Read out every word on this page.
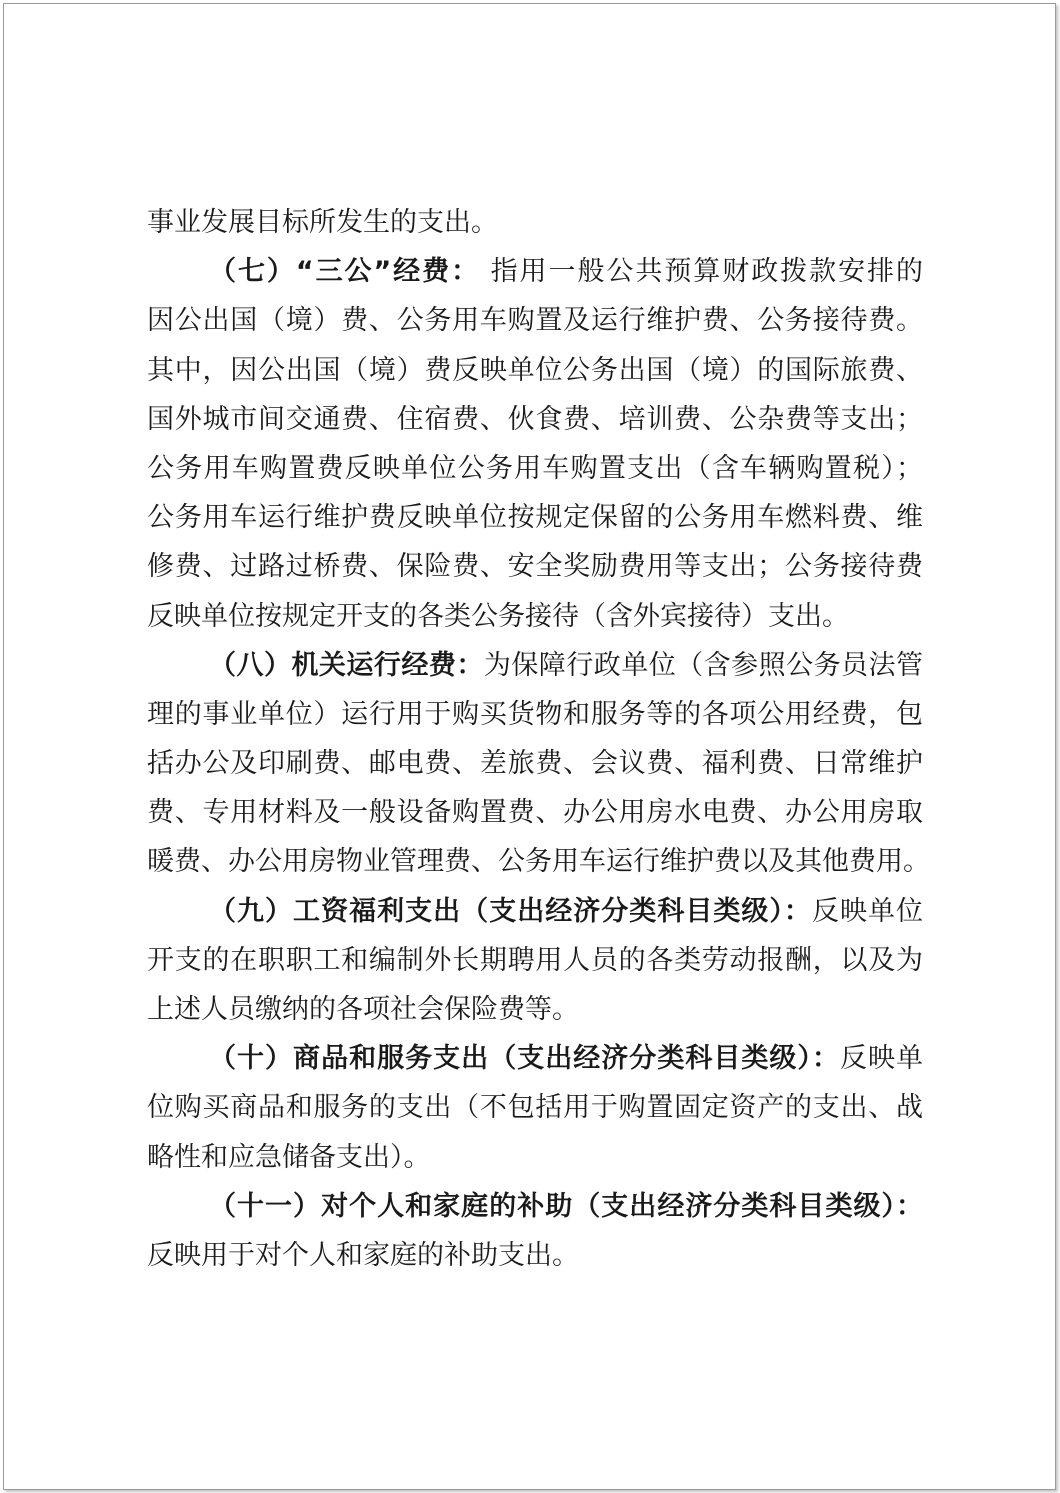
事业发展目标所发生的支出。
（七）“三公”经费： 指用一般公共预算财政拨款安排的
因公出国（境）费、公务用车购置及运行维护费、公务接待费。
其中，因公出国（境）费反映单位公务出国（境）的国际旅费、
国外城市间交通费、住宿费、伙食费、培训费、公杂费等支出；
公务用车购置费反映单位公务用车购置支出（含车辆购置税）；
公务用车运行维护费反映单位按规定保留的公务用车燃料费、维
修费、过路过桥费、保险费、安全奖励费用等支出；公务接待费
反映单位按规定开支的各类公务接待（含外宾接待）支出。
（八）机关运行经费：为保障行政单位（含参照公务员法管
理的事业单位）运行用于购买货物和服务等的各项公用经费，包
括办公及印刷费、邮电费、差旅费、会议费、福利费、日常维护
费、专用材料及一般设备购置费、办公用房水电费、办公用房取
暖费、办公用房物业管理费、公务用车运行维护费以及其他费用。
（九）工资福利支出（支出经济分类科目类级）：反映单位
开支的在职职工和编制外长期聘用人员的各类劳动报酬，以及为
上述人员缴纳的各项社会保险费等。
（十）商品和服务支出（支出经济分类科目类级）：反映单
位购买商品和服务的支出（不包括用于购置固定资产的支出、战
略性和应急储备支出）。
（十一）对个人和家庭的补助（支出经济分类科目类级）：
反映用于对个人和家庭的补助支出。
